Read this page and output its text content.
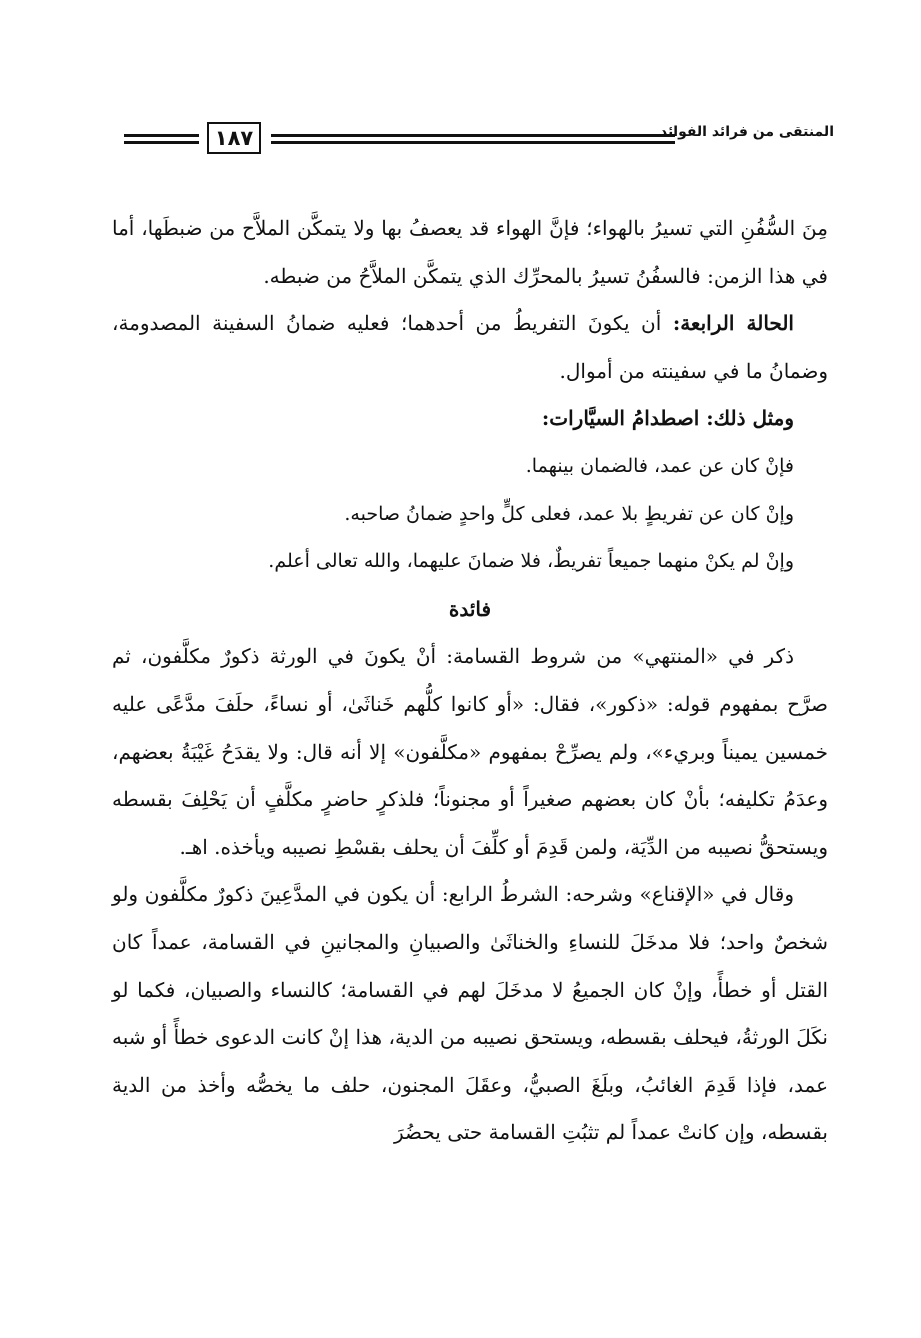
١٨٧	المنتقى من فرائد الفوائد

مِنَ السُّفُنِ التي تسيرُ بالهواء؛ فإنَّ الهواء قد يعصفُ بها ولا يتمكَّن الملاَّح من ضبطَها، أما في هذا الزمن: فالسفُنُ تسيرُ بالمحرِّك الذي يتمكَّن الملاَّحُ من ضبطه.

الحالة الرابعة: أن يكونَ التفريطُ من أحدهما؛ فعليه ضمانُ السفينة المصدومة، وضمانُ ما في سفينته من أموال.

ومثل ذلك: اصطدامُ السيَّارات:

فإنْ كان عن عمد، فالضمان بينهما.

وإنْ كان عن تفريطٍ بلا عمد، فعلى كلٍّ واحدٍ ضمانُ صاحبه.

وإنْ لم يكنْ منهما جميعاً تفريطٌ، فلا ضمانَ عليهما، والله تعالى أعلم.

فائدة

ذكر في «المنتهي» من شروط القسامة: أنْ يكونَ في الورثة ذكورٌ مكلَّفون، ثم صرَّح بمفهوم قوله: «ذكور»، فقال: «أو كانوا كلُّهم خَناثَىٰ، أو نساءً، حلَفَ مدَّعًى عليه خمسين يميناً وبريء»، ولم يصرِّحْ بمفهوم «مكلَّفون» إلا أنه قال: ولا يقدَحُ غَيْبَةُ بعضهم، وعدَمُ تكليفه؛ بأنْ كان بعضهم صغيراً أو مجنوناً؛ فلذكرٍ حاضرٍ مكلَّفٍ أن يَحْلِفَ بقسطه ويستحقُّ نصيبه من الدِّيَة، ولمن قَدِمَ أو كلِّفَ أن يحلف بقسْطِ نصيبه ويأخذه. اهـ.

وقال في «الإقناع» وشرحه: الشرطُ الرابع: أن يكون في المدَّعِينَ ذكورٌ مكلَّفون ولو شخصٌ واحد؛ فلا مدخَلَ للنساءِ والخناثَىٰ والصبيانِ والمجانينِ في القسامة، عمداً كان القتل أو خطأً، وإنْ كان الجميعُ لا مدخَلَ لهم في القسامة؛ كالنساء والصبيان، فكما لو نكَلَ الورثةُ، فيحلف بقسطه، ويستحق نصيبه من الدية، هذا إنْ كانت الدعوى خطأً أو شبه عمد، فإذا قَدِمَ الغائبُ، وبلَغَ الصبيُّ، وعقَلَ المجنون، حلف ما يخصُّه وأخذ من الدية بقسطه، وإن كانتْ عمداً لم تثبُتِ القسامة حتى يحضُرَ
